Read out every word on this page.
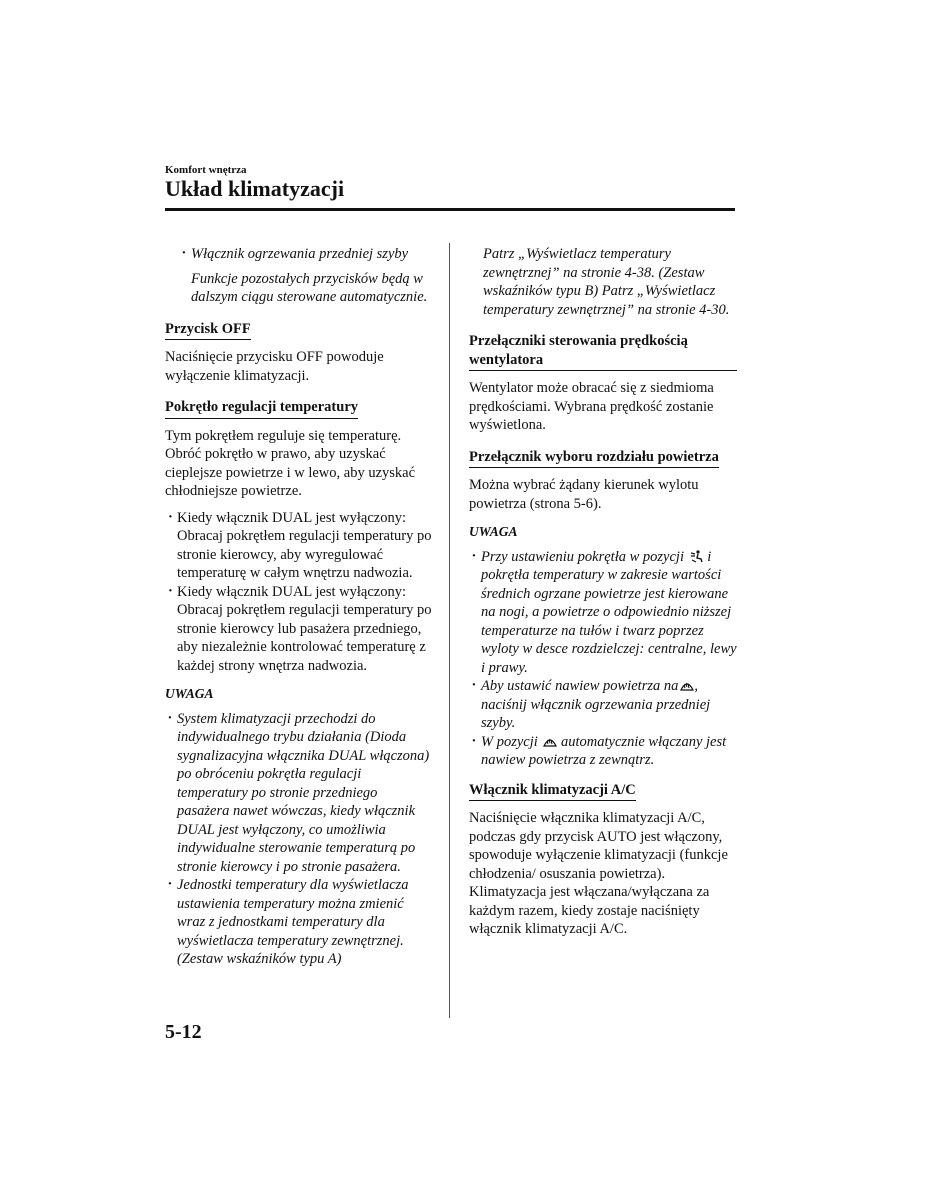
Komfort wnętrza
Układ klimatyzacji
· Włącznik ogrzewania przedniej szyby
Funkcje pozostałych przycisków będą w dalszym ciągu sterowane automatycznie.
Przycisk OFF
Naciśnięcie przycisku OFF powoduje wyłączenie klimatyzacji.
Pokrętło regulacji temperatury
Tym pokrętłem reguluje się temperaturę. Obróć pokrętło w prawo, aby uzyskać cieplejsze powietrze i w lewo, aby uzyskać chłodniejsze powietrze.
· Kiedy włącznik DUAL jest wyłączony: Obracaj pokrętłem regulacji temperatury po stronie kierowcy, aby wyregulować temperaturę w całym wnętrzu nadwozia.
· Kiedy włącznik DUAL jest wyłączony: Obracaj pokrętłem regulacji temperatury po stronie kierowcy lub pasażera przedniego, aby niezależnie kontrolować temperaturę z każdej strony wnętrza nadwozia.
UWAGA
· System klimatyzacji przechodzi do indywidualnego trybu działania (Dioda sygnalizacyjna włącznika DUAL włączona) po obróceniu pokrętła regulacji temperatury po stronie przedniego pasażera nawet wówczas, kiedy włącznik DUAL jest wyłączony, co umożliwia indywidualne sterowanie temperaturą po stronie kierowcy i po stronie pasażera.
· Jednostki temperatury dla wyświetlacza ustawienia temperatury można zmienić wraz z jednostkami temperatury dla wyświetlacza temperatury zewnętrznej. (Zestaw wskaźników typu A)
Patrz „Wyświetlacz temperatury zewnętrznej” na stronie 4-38. (Zestaw wskaźników typu B) Patrz „Wyświetlacz temperatury zewnętrznej” na stronie 4-30.
Przełączniki sterowania prędkością wentylatora
Wentylator może obracać się z siedmioma prędkościami. Wybrana prędkość zostanie wyświetlona.
Przełącznik wyboru rozdziału powietrza
Można wybrać żądany kierunek wylotu powietrza (strona 5-6).
UWAGA
· Przy ustawieniu pokrętła w pozycji i pokrętła temperatury w zakresie wartości średnich ogrzane powietrze jest kierowane na nogi, a powietrze o odpowiednio niższej temperaturze na tułów i twarz poprzez wyloty w desce rozdzielczej: centralne, lewy i prawy.
· Aby ustawić nawiew powietrza na , naciśnij włącznik ogrzewania przedniej szyby.
· W pozycji automatycznie włączany jest nawiew powietrza z zewnątrz.
Włącznik klimatyzacji A/C
Naciśnięcie włącznika klimatyzacji A/C, podczas gdy przycisk AUTO jest włączony, spowoduje wyłączenie klimatyzacji (funkcje chłodzenia/ osuszania powietrza).
Klimatyzacja jest włączana/wyłączana za każdym razem, kiedy zostaje naciśnięty włącznik klimatyzacji A/C.
5-12
